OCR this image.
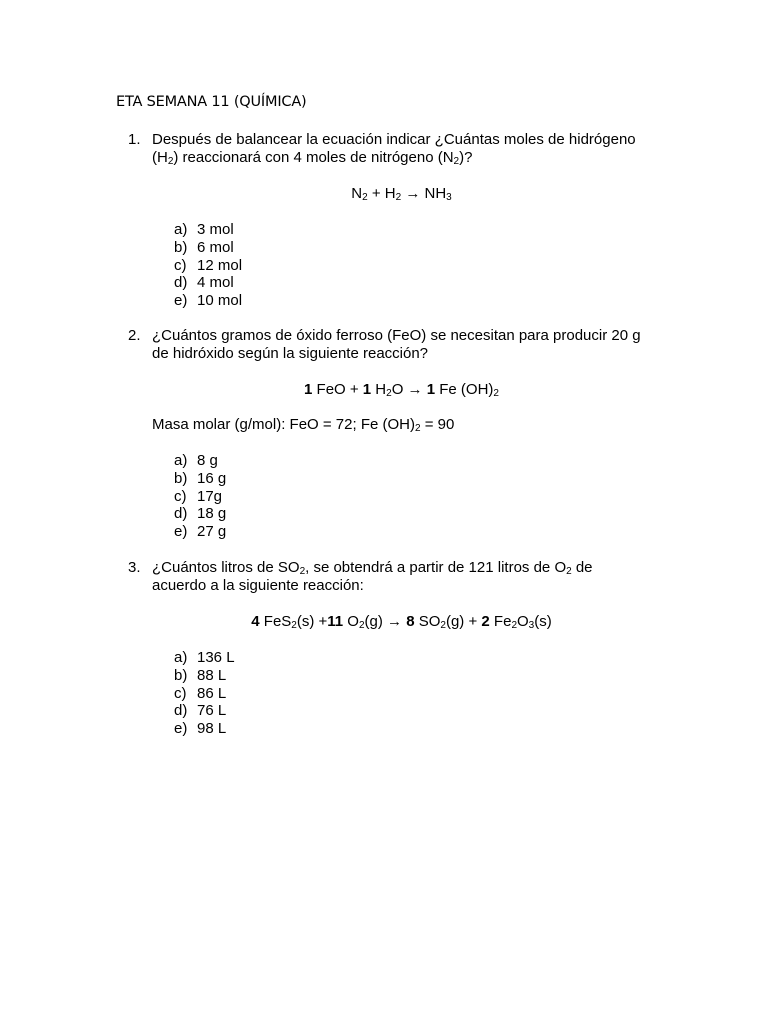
ETA SEMANA 11 (QUÍMICA)
1. Después de balancear la ecuación indicar ¿Cuántas moles de hidrógeno
$(H_2)$ reaccionará con 4 moles de nitrógeno $(N_2)$?
$N_2 + H_2 \to NH_3$
a) 3 mol
b) 6 mol
c) 12 mol
d) 4 mol
e) 10 mol
2. ¿Cuántos gramos de óxido ferroso (FeO) se necesitan para producir 20 g
de hidróxido según la siguiente reacción?
1 FeO + 1 $H_2O \to 1$ Fe $(OH)_2$
Masa molar (g/mol): FeO = 72; Fe $(OH)_2 = 90$
a) 8 g
b) 16 g
c) 17g
d) 18 g
e) 27 g
3. ¿Cuántos litros de $SO_2$, se obtendrá a partir de 121 litros de $O_2$ de
acuerdo a la siguiente reacción:
4 FeS$_2$(s) +11 $O_2(g) \to 8$ $SO_2(g) + 2$ $Fe_2O_3(s)$
a) 136 L
b) 88 L
c) 86 L
d) 76 L
e) 98 L
